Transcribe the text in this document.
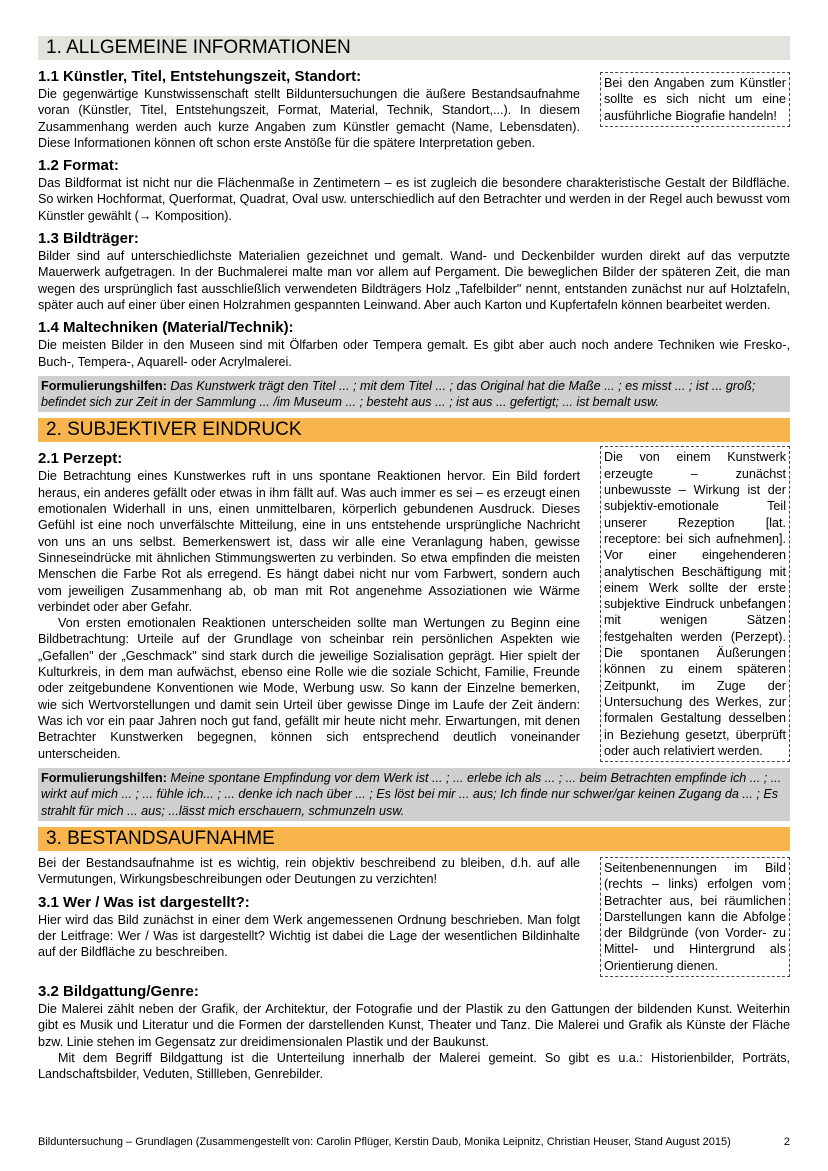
1. ALLGEMEINE INFORMATIONEN
1.1 Künstler, Titel, Entstehungszeit, Standort:

Die gegenwärtige Kunstwissenschaft stellt Bilduntersuchungen die äußere Bestandsaufnahme voran (Künstler, Titel, Entstehungszeit, Format, Material, Technik, Standort,...). In diesem Zusammenhang werden auch kurze Angaben zum Künstler gemacht (Name, Lebensdaten). Diese Informationen können oft schon erste Anstöße für die spätere Interpretation geben.

Bei den Angaben zum Künstler sollte es sich nicht um eine ausführliche Biografie handeln!
1.2 Format:

Das Bildformat ist nicht nur die Flächenmaße in Zentimetern – es ist zugleich die besondere charakteristische Gestalt der Bildfläche. So wirken Hochformat, Querformat, Quadrat, Oval usw. unterschiedlich auf den Betrachter und werden in der Regel auch bewusst vom Künstler gewählt (→ Komposition).

1.3 Bildträger:

Bilder sind auf unterschiedlichste Materialien gezeichnet und gemalt. Wand- und Deckenbilder wurden direkt auf das verputzte Mauerwerk aufgetragen. In der Buchmalerei malte man vor allem auf Pergament. Die beweglichen Bilder der späteren Zeit, die man wegen des ursprünglich fast ausschließlich verwendeten Bildträgers Holz „Tafelbilder" nennt, entstanden zunächst nur auf Holztafeln, später auch auf einer über einen Holzrahmen gespannten Leinwand. Aber auch Karton und Kupfertafeln können bearbeitet werden.

1.4 Maltechniken (Material/Technik):

Die meisten Bilder in den Museen sind mit Ölfarben oder Tempera gemalt. Es gibt aber auch noch andere Techniken wie Fresko-, Buch-, Tempera-, Aquarell- oder Acrylmalerei.

Formulierungshilfen: Das Kunstwerk trägt den Titel ... ; mit dem Titel ... ; das Original hat die Maße ... ; es misst ... ; ist ... groß; befindet sich zur Zeit in der Sammlung ... /im Museum ... ; besteht aus ... ; ist aus ... gefertigt; ... ist bemalt usw.
2. SUBJEKTIVER EINDRUCK
2.1 Perzept:

Die Betrachtung eines Kunstwerkes ruft in uns spontane Reaktionen hervor. Ein Bild fordert heraus, ein anderes gefällt oder etwas in ihm fällt auf. Was auch immer es sei – es erzeugt einen emotionalen Widerhall in uns, einen unmittelbaren, körperlich gebundenen Ausdruck. Dieses Gefühl ist eine noch unverfälschte Mitteilung, eine in uns entstehende ursprüngliche Nachricht von uns an uns selbst. Bemerkenswert ist, dass wir alle eine Veranlagung haben, gewisse Sinneseindrücke mit ähnlichen Stimmungswerten zu verbinden. So etwa empfinden die meisten Menschen die Farbe Rot als erregend. Es hängt dabei nicht nur vom Farbwert, sondern auch vom jeweiligen Zusammenhang ab, ob man mit Rot angenehme Assoziationen wie Wärme verbindet oder aber Gefahr.

Von ersten emotionalen Reaktionen unterscheiden sollte man Wertungen zu Beginn eine Bildbetrachtung: Urteile auf der Grundlage von scheinbar rein persönlichen Aspekten wie „Gefallen" der „Geschmack" sind stark durch die jeweilige Sozialisation geprägt. Hier spielt der Kulturkreis, in dem man aufwächst, ebenso eine Rolle wie die soziale Schicht, Familie, Freunde oder zeitgebundene Konventionen wie Mode, Werbung usw. So kann der Einzelne bemerken, wie sich Wertvorstellungen und damit sein Urteil über gewisse Dinge im Laufe der Zeit ändern: Was ich vor ein paar Jahren noch gut fand, gefällt mir heute nicht mehr. Erwartungen, mit denen Betrachter Kunstwerken begegnen, können sich entsprechend deutlich voneinander unterscheiden.

Die von einem Kunstwerk erzeugte – zunächst unbewusste – Wirkung ist der subjektiv-emotionale Teil unserer Rezeption [lat. receptore: bei sich aufnehmen]. Vor einer eingehenderen analytischen Beschäftigung mit einem Werk sollte der erste subjektive Eindruck unbefangen mit wenigen Sätzen festgehalten werden (Perzept). Die spontanen Äußerungen können zu einem späteren Zeitpunkt, im Zuge der Untersuchung des Werkes, zur formalen Gestaltung desselben in Beziehung gesetzt, überprüft oder auch relativiert werden.
Formulierungshilfen: Meine spontane Empfindung vor dem Werk ist ... ; ... erlebe ich als ... ; ... beim Betrachten empfinde ich ... ; ... wirkt auf mich ... ; ... fühle ich... ; ... denke ich nach über ... ; Es löst bei mir ... aus; Ich finde nur schwer/gar keinen Zugang da ... ; Es strahlt für mich ... aus; ...lässt mich erschauern, schmunzeln usw.
3. BESTANDSAUFNAHME

Bei der Bestandsaufnahme ist es wichtig, rein objektiv beschreibend zu bleiben, d.h. auf alle Vermutungen, Wirkungsbeschreibungen oder Deutungen zu verzichten!

3.1 Wer / Was ist dargestellt?:

Hier wird das Bild zunächst in einer dem Werk angemessenen Ordnung beschrieben. Man folgt der Leitfrage: Wer / Was ist dargestellt? Wichtig ist dabei die Lage der wesentlichen Bildinhalte auf der Bildfläche zu beschreiben.

Seitenbenennungen im Bild (rechts – links) erfolgen vom Betrachter aus, bei räumlichen Darstellungen kann die Abfolge der Bildgründe (von Vorder- zu Mittel- und Hintergrund als Orientierung dienen.
3.2 Bildgattung/Genre:

Die Malerei zählt neben der Grafik, der Architektur, der Fotografie und der Plastik zu den Gattungen der bildenden Kunst. Weiterhin gibt es Musik und Literatur und die Formen der darstellenden Kunst, Theater und Tanz. Die Malerei und Grafik als Künste der Fläche bzw. Linie stehen im Gegensatz zur dreidimensionalen Plastik und der Baukunst.

Mit dem Begriff Bildgattung ist die Unterteilung innerhalb der Malerei gemeint. So gibt es u.a.: Historienbilder, Porträts, Landschaftsbilder, Veduten, Stillleben, Genrebilder.

Bilduntersuchung – Grundlagen (Zusammengestellt von: Carolin Pflüger, Kerstin Daub, Monika Leipnitz, Christian Heuser, Stand August 2015)	2
